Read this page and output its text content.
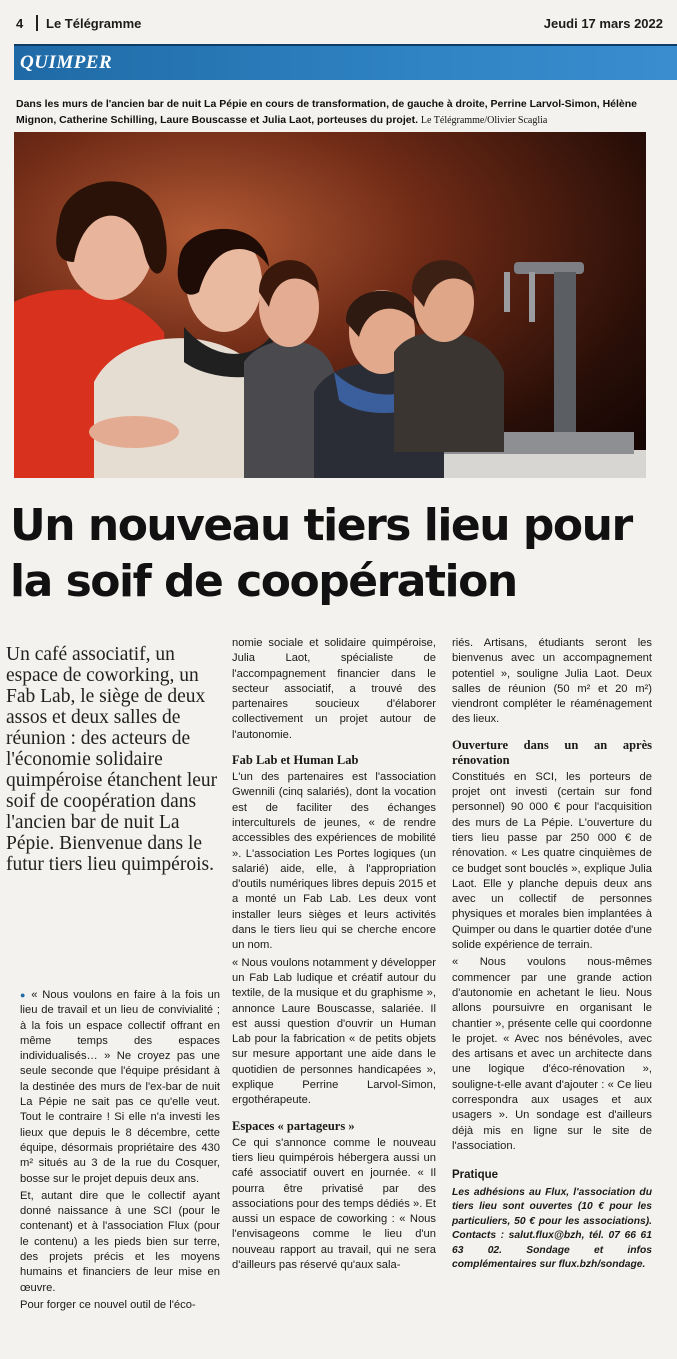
4 Le Télégramme	Jeudi 17 mars 2022
QUIMPER
Dans les murs de l'ancien bar de nuit La Pépie en cours de transformation, de gauche à droite, Perrine Larvol-Simon, Hélène Mignon, Catherine Schilling, Laure Bouscasse et Julia Laot, porteuses du projet. Le Télégramme/Olivier Scaglia
Un nouveau tiers lieu pour la soif de coopération
Un café associatif, un espace de coworking, un Fab Lab, le siège de deux assos et deux salles de réunion : des acteurs de l'économie solidaire quimpéroise étanchent leur soif de coopération dans l'ancien bar de nuit La Pépie. Bienvenue dans le futur tiers lieu quimpérois.

● « Nous voulons en faire à la fois un lieu de travail et un lieu de convivialité ; à la fois un espace collectif offrant en même temps des espaces individualisés… » Ne croyez pas une seule seconde que l'équipe présidant à la destinée des murs de l'ex-bar de nuit La Pépie ne sait pas ce qu'elle veut. Tout le contraire ! Si elle n'a investi les lieux que depuis le 8 décembre, cette équipe, désormais propriétaire des 430 m² situés au 3 de la rue du Cosquer, bosse sur le projet depuis deux ans.

Et, autant dire que le collectif ayant donné naissance à une SCI (pour le contenant) et à l'association Flux (pour le contenu) a les pieds bien sur terre, des projets précis et les moyens humains et financiers de leur mise en œuvre.

Pour forger ce nouvel outil de l'éco-

nomie sociale et solidaire quimpéroise, Julia Laot, spécialiste de l'accompagnement financier dans le secteur associatif, a trouvé des partenaires soucieux d'élaborer collectivement un projet autour de l'autonomie.

Fab Lab et Human Lab

L'un des partenaires est l'association Gwennili (cinq salariés), dont la vocation est de faciliter des échanges interculturels de jeunes, « de rendre accessibles des expériences de mobilité ». L'association Les Portes logiques (un salarié) aide, elle, à l'appropriation d'outils numériques libres depuis 2015 et a monté un Fab Lab. Les deux vont installer leurs sièges et leurs activités dans le tiers lieu qui se cherche encore un nom.

« Nous voulons notamment y développer un Fab Lab ludique et créatif autour du textile, de la musique et du graphisme », annonce Laure Bouscasse, salariée. Il est aussi question d'ouvrir un Human Lab pour la fabrication « de petits objets sur mesure apportant une aide dans le quotidien de personnes handicapées », explique Perrine Larvol-Simon, ergothérapeute.

Espaces « partageurs »

Ce qui s'annonce comme le nouveau tiers lieu quimpérois hébergera aussi un café associatif ouvert en journée. « Il pourra être privatisé par des associations pour des temps dédiés ». Et aussi un espace de coworking : « Nous l'envisageons comme le lieu d'un nouveau rapport au travail, qui ne sera d'ailleurs pas réservé qu'aux sala-

riés. Artisans, étudiants seront les bienvenus avec un accompagnement potentiel », souligne Julia Laot. Deux salles de réunion (50 m² et 20 m²) viendront compléter le réaménagement des lieux.

Ouverture dans un an après rénovation

Constitués en SCI, les porteurs de projet ont investi (certain sur fond personnel) 90 000 € pour l'acquisition des murs de La Pépie. L'ouverture du tiers lieu passe par 250 000 € de rénovation. « Les quatre cinquièmes de ce budget sont bouclés », explique Julia Laot. Elle y planche depuis deux ans avec un collectif de personnes physiques et morales bien implantées à Quimper ou dans le quartier dotée d'une solide expérience de terrain.

« Nous voulons nous-mêmes commencer par une grande action d'autonomie en achetant le lieu. Nous allons poursuivre en organisant le chantier », présente celle qui coordonne le projet. « Avec nos bénévoles, avec des artisans et avec un architecte dans une logique d'éco-rénovation », souligne-t-elle avant d'ajouter : « Ce lieu correspondra aux usages et aux usagers ». Un sondage est d'ailleurs déjà mis en ligne sur le site de l'association.

Pratique

Les adhésions au Flux, l'association du tiers lieu sont ouvertes (10 € pour les particuliers, 50 € pour les associations). Contacts : salut.flux@bzh, tél. 07 66 61 63 02. Sondage et infos complémentaires sur flux.bzh/sondage.
